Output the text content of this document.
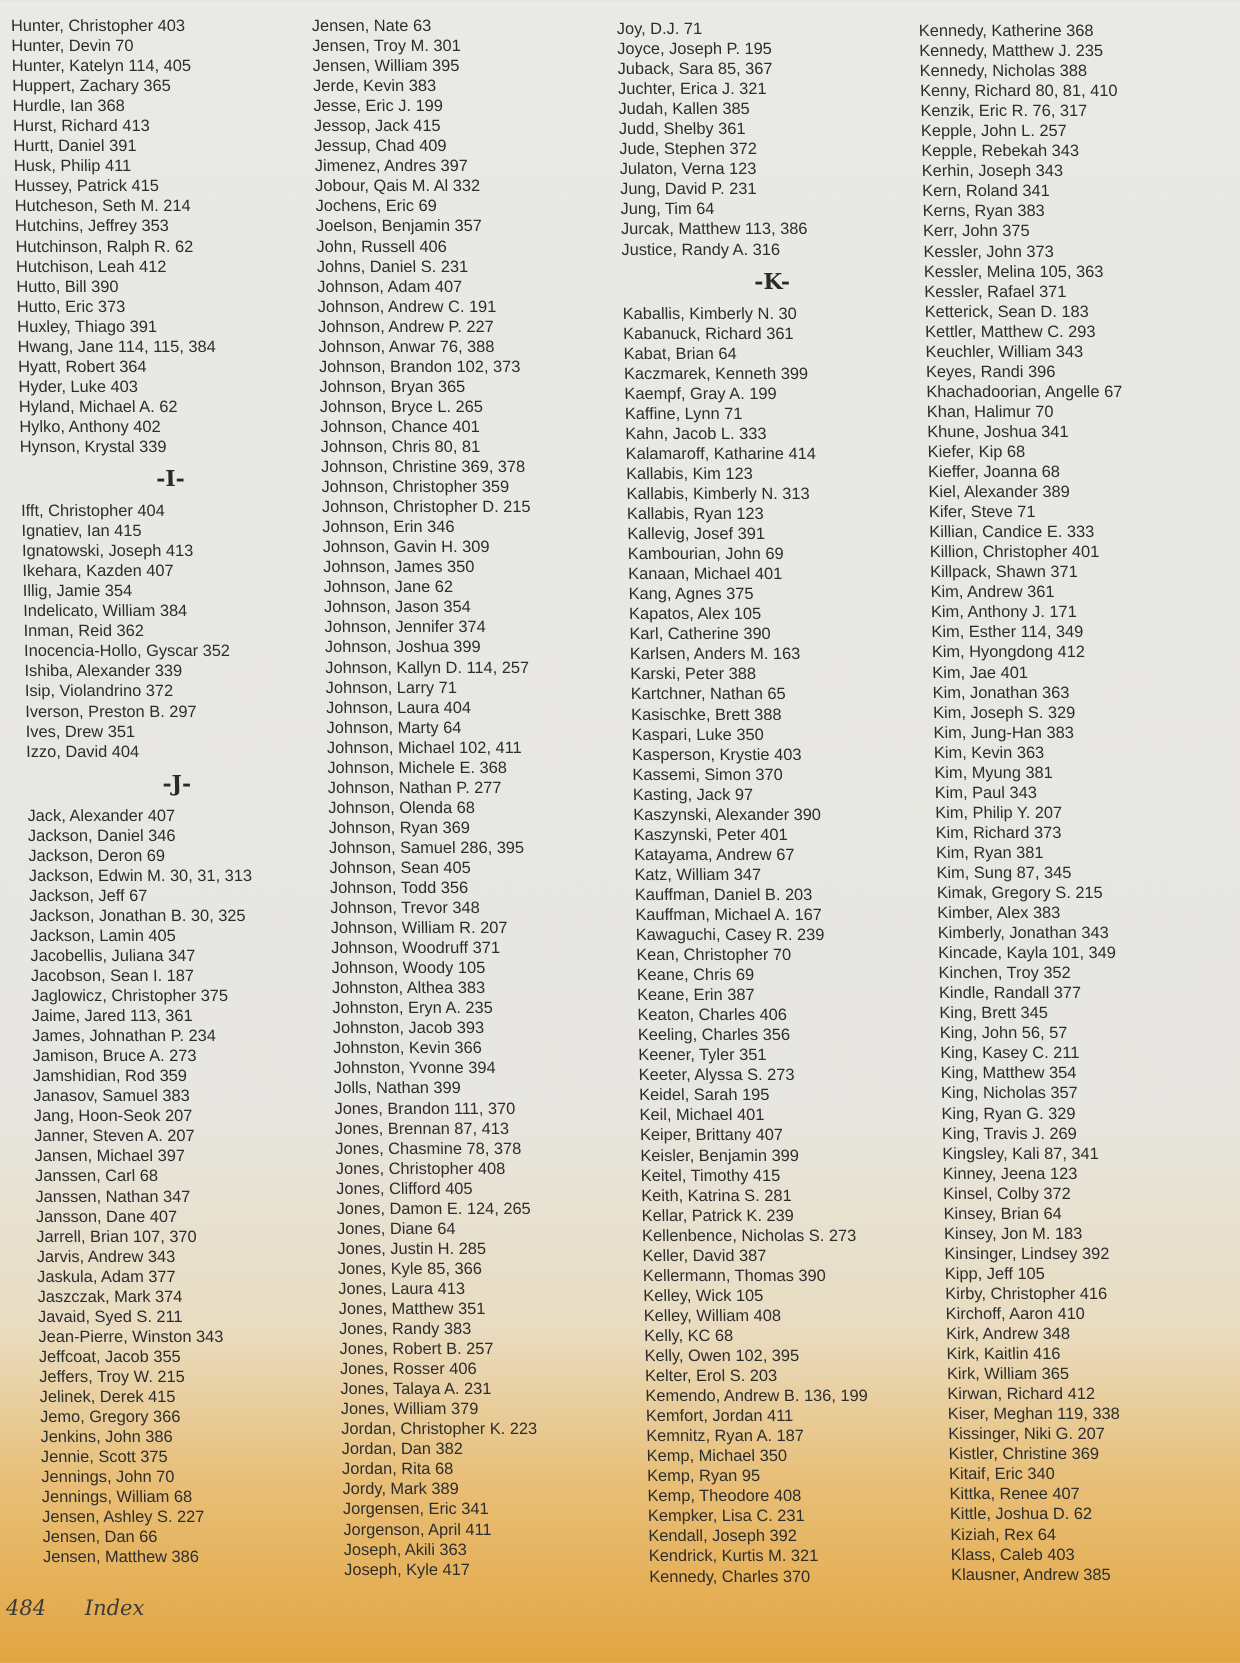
Hunter, Christopher 403
Hunter, Devin 70
Hunter, Katelyn 114, 405
Huppert, Zachary 365
Hurdle, Ian 368
Hurst, Richard 413
Hurtt, Daniel 391
Husk, Philip 411
Hussey, Patrick 415
Hutcheson, Seth M. 214
Hutchins, Jeffrey 353
Hutchinson, Ralph R. 62
Hutchison, Leah 412
Hutto, Bill 390
Hutto, Eric 373
Huxley, Thiago 391
Hwang, Jane 114, 115, 384
Hyatt, Robert 364
Hyder, Luke 403
Hyland, Michael A. 62
Hylko, Anthony 402
Hynson, Krystal 339
-I-
Ifft, Christopher 404
Ignatiev, Ian 415
Ignatowski, Joseph 413
Ikehara, Kazden 407
Illig, Jamie 354
Indelicato, William 384
Inman, Reid 362
Inocencia-Hollo, Gyscar 352
Ishiba, Alexander 339
Isip, Violandrino 372
Iverson, Preston B. 297
Ives, Drew 351
Izzo, David 404
-J-
Jack, Alexander 407
Jackson, Daniel 346
Jackson, Deron 69
Jackson, Edwin M. 30, 31, 313
Jackson, Jeff 67
Jackson, Jonathan B. 30, 325
Jackson, Lamin 405
Jacobellis, Juliana 347
Jacobson, Sean I. 187
Jaglowicz, Christopher 375
Jaime, Jared 113, 361
James, Johnathan P. 234
Jamison, Bruce A. 273
Jamshidian, Rod 359
Janasov, Samuel 383
Jang, Hoon-Seok 207
Janner, Steven A. 207
Jansen, Michael 397
Janssen, Carl 68
Janssen, Nathan 347
Jansson, Dane 407
Jarrell, Brian 107, 370
Jarvis, Andrew 343
Jaskula, Adam 377
Jaszczak, Mark 374
Javaid, Syed S. 211
Jean-Pierre, Winston 343
Jeffcoat, Jacob 355
Jeffers, Troy W. 215
Jelinek, Derek 415
Jemo, Gregory 366
Jenkins, John 386
Jennie, Scott 375
Jennings, John 70
Jennings, William 68
Jensen, Ashley S. 227
Jensen, Dan 66
Jensen, Matthew 386
Jensen, Nate 63
Jensen, Troy M. 301
Jensen, William 395
Jerde, Kevin 383
Jesse, Eric J. 199
Jessop, Jack 415
Jessup, Chad 409
Jimenez, Andres 397
Jobour, Qais M. Al 332
Jochens, Eric 69
Joelson, Benjamin 357
John, Russell 406
Johns, Daniel S. 231
Johnson, Adam 407
Johnson, Andrew C. 191
Johnson, Andrew P. 227
Johnson, Anwar 76, 388
Johnson, Brandon 102, 373
Johnson, Bryan 365
Johnson, Bryce L. 265
Johnson, Chance 401
Johnson, Chris 80, 81
Johnson, Christine 369, 378
Johnson, Christopher 359
Johnson, Christopher D. 215
Johnson, Erin 346
Johnson, Gavin H. 309
Johnson, James 350
Johnson, Jane 62
Johnson, Jason 354
Johnson, Jennifer 374
Johnson, Joshua 399
Johnson, Kallyn D. 114, 257
Johnson, Larry 71
Johnson, Laura 404
Johnson, Marty 64
Johnson, Michael 102, 411
Johnson, Michele E. 368
Johnson, Nathan P. 277
Johnson, Olenda 68
Johnson, Ryan 369
Johnson, Samuel 286, 395
Johnson, Sean 405
Johnson, Todd 356
Johnson, Trevor 348
Johnson, William R. 207
Johnson, Woodruff 371
Johnson, Woody 105
Johnston, Althea 383
Johnston, Eryn A. 235
Johnston, Jacob 393
Johnston, Kevin 366
Johnston, Yvonne 394
Jolls, Nathan 399
Jones, Brandon 111, 370
Jones, Brennan 87, 413
Jones, Chasmine 78, 378
Jones, Christopher 408
Jones, Clifford 405
Jones, Damon E. 124, 265
Jones, Diane 64
Jones, Justin H. 285
Jones, Kyle 85, 366
Jones, Laura 413
Jones, Matthew 351
Jones, Randy 383
Jones, Robert B. 257
Jones, Rosser 406
Jones, Talaya A. 231
Jones, William 379
Jordan, Christopher K. 223
Jordan, Dan 382
Jordan, Rita 68
Jordy, Mark 389
Jorgensen, Eric 341
Jorgenson, April 411
Joseph, Akili 363
Joseph, Kyle 417
Joy, D.J. 71
Joyce, Joseph P. 195
Juback, Sara 85, 367
Juchter, Erica J. 321
Judah, Kallen 385
Judd, Shelby 361
Jude, Stephen 372
Julaton, Verna 123
Jung, David P. 231
Jung, Tim 64
Jurcak, Matthew 113, 386
Justice, Randy A. 316
-K-
Kaballis, Kimberly N. 30
Kabanuck, Richard 361
Kabat, Brian 64
Kaczmarek, Kenneth 399
Kaempf, Gray A. 199
Kaffine, Lynn 71
Kahn, Jacob L. 333
Kalamaroff, Katharine 414
Kallabis, Kim 123
Kallabis, Kimberly N. 313
Kallabis, Ryan 123
Kallevig, Josef 391
Kambourian, John 69
Kanaan, Michael 401
Kang, Agnes 375
Kapatos, Alex 105
Karl, Catherine 390
Karlsen, Anders M. 163
Karski, Peter 388
Kartchner, Nathan 65
Kasischke, Brett 388
Kaspari, Luke 350
Kasperson, Krystie 403
Kassemi, Simon 370
Kasting, Jack 97
Kaszynski, Alexander 390
Kaszynski, Peter 401
Katayama, Andrew 67
Katz, William 347
Kauffman, Daniel B. 203
Kauffman, Michael A. 167
Kawaguchi, Casey R. 239
Kean, Christopher 70
Keane, Chris 69
Keane, Erin 387
Keaton, Charles 406
Keeling, Charles 356
Keener, Tyler 351
Keeter, Alyssa S. 273
Keidel, Sarah 195
Keil, Michael 401
Keiper, Brittany 407
Keisler, Benjamin 399
Keitel, Timothy 415
Keith, Katrina S. 281
Kellar, Patrick K. 239
Kellenbence, Nicholas S. 273
Keller, David 387
Kellermann, Thomas 390
Kelley, Wick 105
Kelley, William 408
Kelly, KC 68
Kelly, Owen 102, 395
Kelter, Erol S. 203
Kemendo, Andrew B. 136, 199
Kemfort, Jordan 411
Kemnitz, Ryan A. 187
Kemp, Michael 350
Kemp, Ryan 95
Kemp, Theodore 408
Kempker, Lisa C. 231
Kendall, Joseph 392
Kendrick, Kurtis M. 321
Kennedy, Charles 370
Kennedy, Katherine 368
Kennedy, Matthew J. 235
Kennedy, Nicholas 388
Kenny, Richard 80, 81, 410
Kenzik, Eric R. 76, 317
Kepple, John L. 257
Kepple, Rebekah 343
Kerhin, Joseph 343
Kern, Roland 341
Kerns, Ryan 383
Kerr, John 375
Kessler, John 373
Kessler, Melina 105, 363
Kessler, Rafael 371
Ketterick, Sean D. 183
Kettler, Matthew C. 293
Keuchler, William 343
Keyes, Randi 396
Khachadoorian, Angelle 67
Khan, Halimur 70
Khune, Joshua 341
Kiefer, Kip 68
Kieffer, Joanna 68
Kiel, Alexander 389
Kifer, Steve 71
Killian, Candice E. 333
Killion, Christopher 401
Killpack, Shawn 371
Kim, Andrew 361
Kim, Anthony J. 171
Kim, Esther 114, 349
Kim, Hyongdong 412
Kim, Jae 401
Kim, Jonathan 363
Kim, Joseph S. 329
Kim, Jung-Han 383
Kim, Kevin 363
Kim, Myung 381
Kim, Paul 343
Kim, Philip Y. 207
Kim, Richard 373
Kim, Ryan 381
Kim, Sung 87, 345
Kimak, Gregory S. 215
Kimber, Alex 383
Kimberly, Jonathan 343
Kincade, Kayla 101, 349
Kinchen, Troy 352
Kindle, Randall 377
King, Brett 345
King, John 56, 57
King, Kasey C. 211
King, Matthew 354
King, Nicholas 357
King, Ryan G. 329
King, Travis J. 269
Kingsley, Kali 87, 341
Kinney, Jeena 123
Kinsel, Colby 372
Kinsey, Brian 64
Kinsey, Jon M. 183
Kinsinger, Lindsey 392
Kipp, Jeff 105
Kirby, Christopher 416
Kirchoff, Aaron 410
Kirk, Andrew 348
Kirk, Kaitlin 416
Kirk, William 365
Kirwan, Richard 412
Kiser, Meghan 119, 338
Kissinger, Niki G. 207
Kistler, Christine 369
Kitaif, Eric 340
Kittka, Renee 407
Kittle, Joshua D. 62
Kiziah, Rex 64
Klass, Caleb 403
Klausner, Andrew 385
484 Index
